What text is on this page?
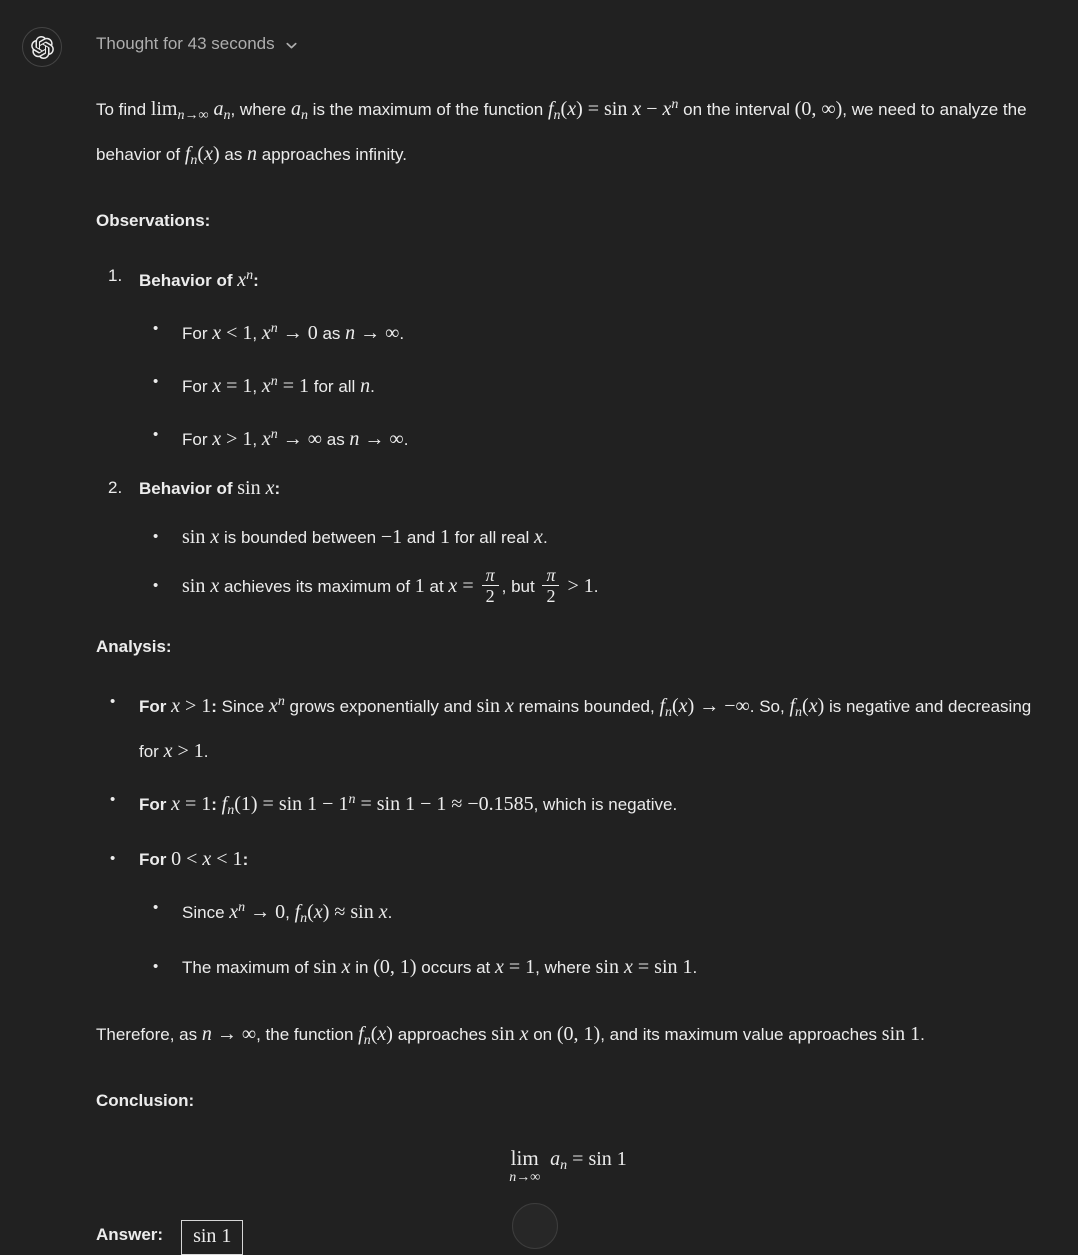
Thought for 43 seconds
To find $\lim_{n\to\infty} a_n$, where $a_n$ is the maximum of the function $f_n(x) = \sin x - x^n$ on the interval (0, ∞), we need to analyze the behavior of $f_n(x)$ as n approaches infinity.
Observations:
1. Behavior of $x^n$:
• For x < 1, $x^n \to 0$ as n → ∞.
• For x = 1, $x^n = 1$ for all n.
• For x > 1, $x^n$ → ∞ as n → ∞.
2. Behavior of sin x:
• sin x is bounded between −1 and 1 for all real x.
• sin x achieves its maximum of 1 at $x = \frac{\pi}{2}$ , but $\frac{\pi}{2} > 1$.
Analysis:
• For x > 1: Since $x^n$ grows exponentially and sin x remains bounded, $f_n(x)$ → −∞. So, $f_n(x)$ is negative and decreasing for x > 1.
• For x = 1: $f_n(1) = \sin 1 - 1^n = \sin 1 - 1 \approx -0.1585$, which is negative.
• For 0 < x < 1:
• Since $x^n \to 0$, $f_n(x) \approx \sin x$.
• The maximum of sin x in (0, 1) occurs at x = 1, where sin x = sin 1.
Therefore, as n → ∞, the function $f_n(x)$ approaches sin x on (0, 1), and its maximum value approaches sin 1.
Conclusion:
lim
n→∞
$a_n = \sin 1$
Answer: sin 1
